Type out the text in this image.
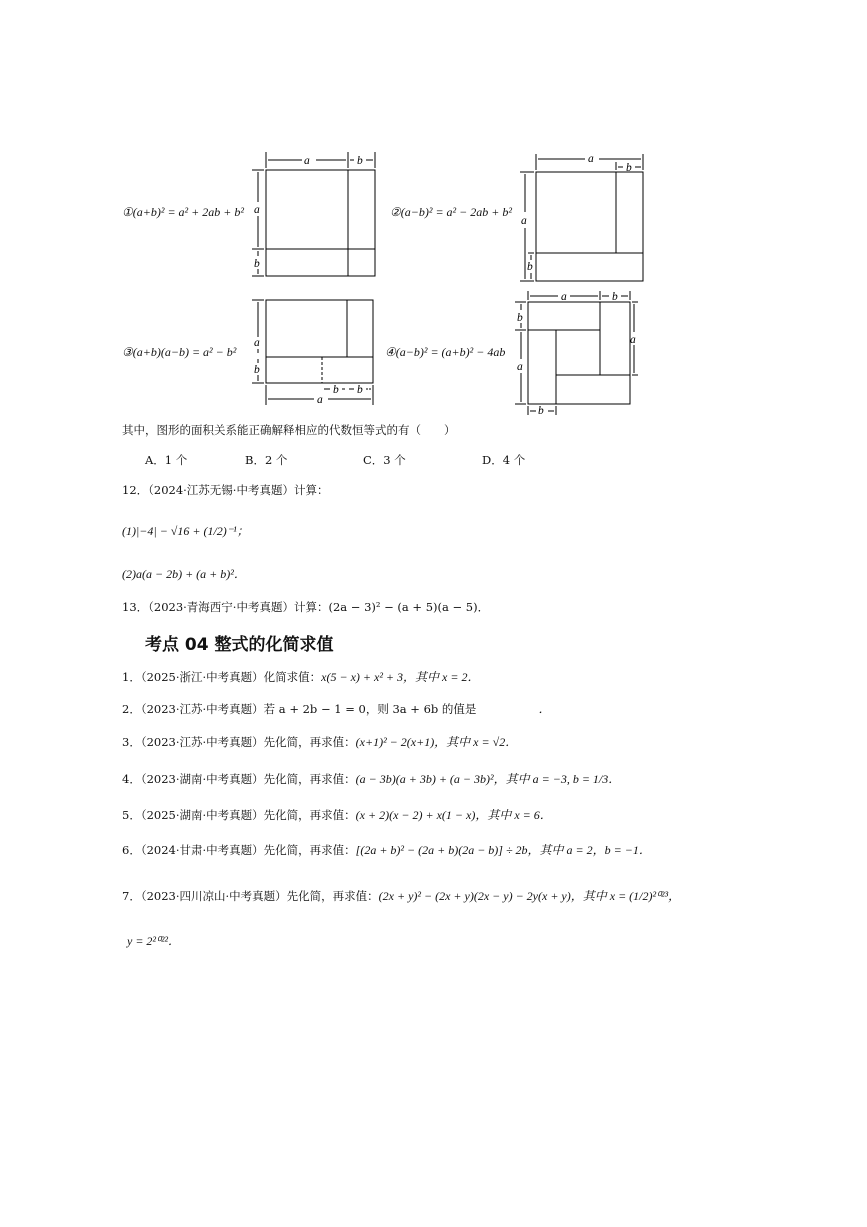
①(a+b)² = a² + 2ab + b²
a	b
a
b
②(a−b)² = a² − 2ab + b²
a
b
a
b
③(a+b)(a−b) = a² − b²
a
b
a
b b
④(a−b)² = (a+b)² − 4ab
a	b
b
a
a
b
其中，图形的面积关系能正确解释相应的代数恒等式的有（　　）
A．1 个	B．2 个	C．3 个	D．4 个
12．（2024·江苏无锡·中考真题）计算：
(1)|−4| − √16 + (1/2)⁻¹；
(2)a(a − 2b) + (a + b)²．
13．（2023·青海西宁·中考真题）计算：(2a − 3)² − (a + 5)(a − 5)．
考点 04 整式的化简求值
1．（2025·浙江·中考真题）化简求值：x(5 − x) + x² + 3，其中 x = 2．
2．（2023·江苏·中考真题）若 a + 2b − 1 = 0，则 3a + 6b 的值是	．
3．（2023·江苏·中考真题）先化简，再求值：(x+1)² − 2(x+1)，其中 x = √2．
4．（2023·湖南·中考真题）先化简，再求值：(a − 3b)(a + 3b) + (a − 3b)²，其中 a = −3, b = 1/3．
5．（2025·湖南·中考真题）先化简，再求值：(x + 2)(x − 2) + x(1 − x)，其中 x = 6．
6．（2024·甘肃·中考真题）先化简，再求值：[(2a + b)² − (2a + b)(2a − b)] ÷ 2b，其中 a = 2，b = −1．
7．（2023·四川凉山·中考真题）先化简，再求值：(2x + y)² − (2x + y)(2x − y) − 2y(x + y)，其中 x = (1/2)²⁰²³，
y = 2²⁰²²．
